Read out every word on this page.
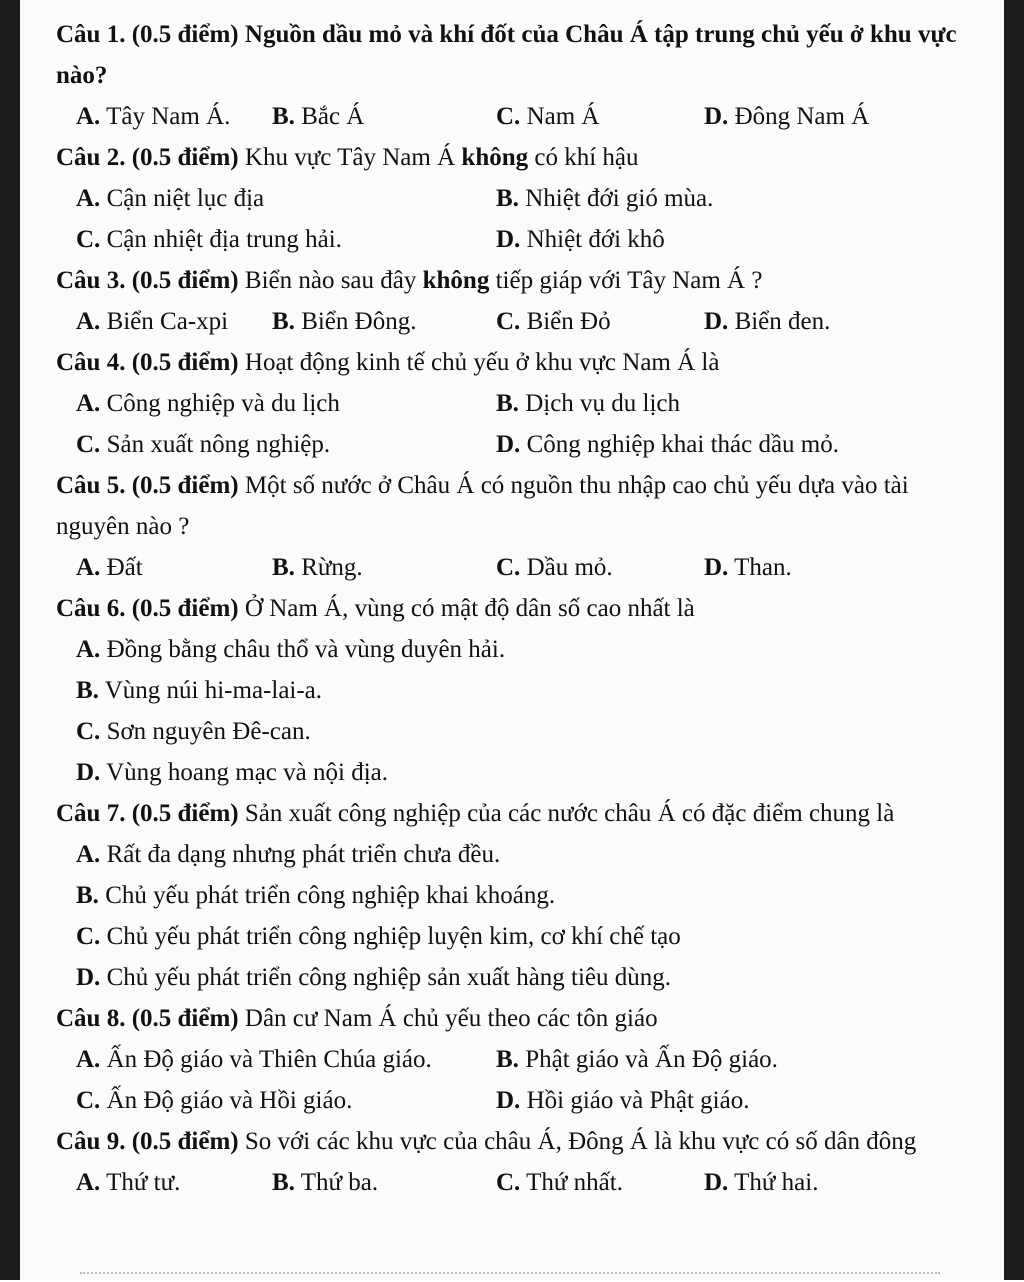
Câu 1. (0.5 điểm) Nguồn dầu mỏ và khí đốt của Châu Á tập trung chủ yếu ở khu vực nào?
A. Tây Nam Á.	B. Bắc Á	C. Nam Á	D. Đông Nam Á
Câu 2. (0.5 điểm) Khu vực Tây Nam Á không có khí hậu
A. Cận niệt lục địa	B. Nhiệt đới gió mùa.
C. Cận nhiệt địa trung hải.	D. Nhiệt đới khô
Câu 3. (0.5 điểm) Biển nào sau đây không tiếp giáp với Tây Nam Á ?
A. Biển Ca-xpi	B. Biển Đông.	C. Biển Đỏ	D. Biển đen.
Câu 4. (0.5 điểm) Hoạt động kinh tế chủ yếu ở khu vực Nam Á là
A. Công nghiệp và du lịch	B. Dịch vụ du lịch
C. Sản xuất nông nghiệp.	D. Công nghiệp khai thác dầu mỏ.
Câu 5. (0.5 điểm) Một số nước ở Châu Á có nguồn thu nhập cao chủ yếu dựa vào tài nguyên nào ?
A. Đất	B. Rừng.	C. Dầu mỏ.	D. Than.
Câu 6. (0.5 điểm) Ở Nam Á, vùng có mật độ dân số cao nhất là
A. Đồng bằng châu thổ và vùng duyên hải.
B. Vùng núi hi-ma-lai-a.
C. Sơn nguyên Đê-can.
D. Vùng hoang mạc và nội địa.
Câu 7. (0.5 điểm) Sản xuất công nghiệp của các nước châu Á có đặc điểm chung là
A. Rất đa dạng nhưng phát triển chưa đều.
B. Chủ yếu phát triển công nghiệp khai khoáng.
C. Chủ yếu phát triển công nghiệp luyện kim, cơ khí chế tạo
D. Chủ yếu phát triển công nghiệp sản xuất hàng tiêu dùng.
Câu 8. (0.5 điểm) Dân cư Nam Á chủ yếu theo các tôn giáo
A. Ấn Độ giáo và Thiên Chúa giáo.	B. Phật giáo và Ấn Độ giáo.
C. Ấn Độ giáo và Hồi giáo.	D. Hồi giáo và Phật giáo.
Câu 9. (0.5 điểm) So với các khu vực của châu Á, Đông Á là khu vực có số dân đông
A. Thứ tư.	B. Thứ ba.	C. Thứ nhất.	D. Thứ hai.
